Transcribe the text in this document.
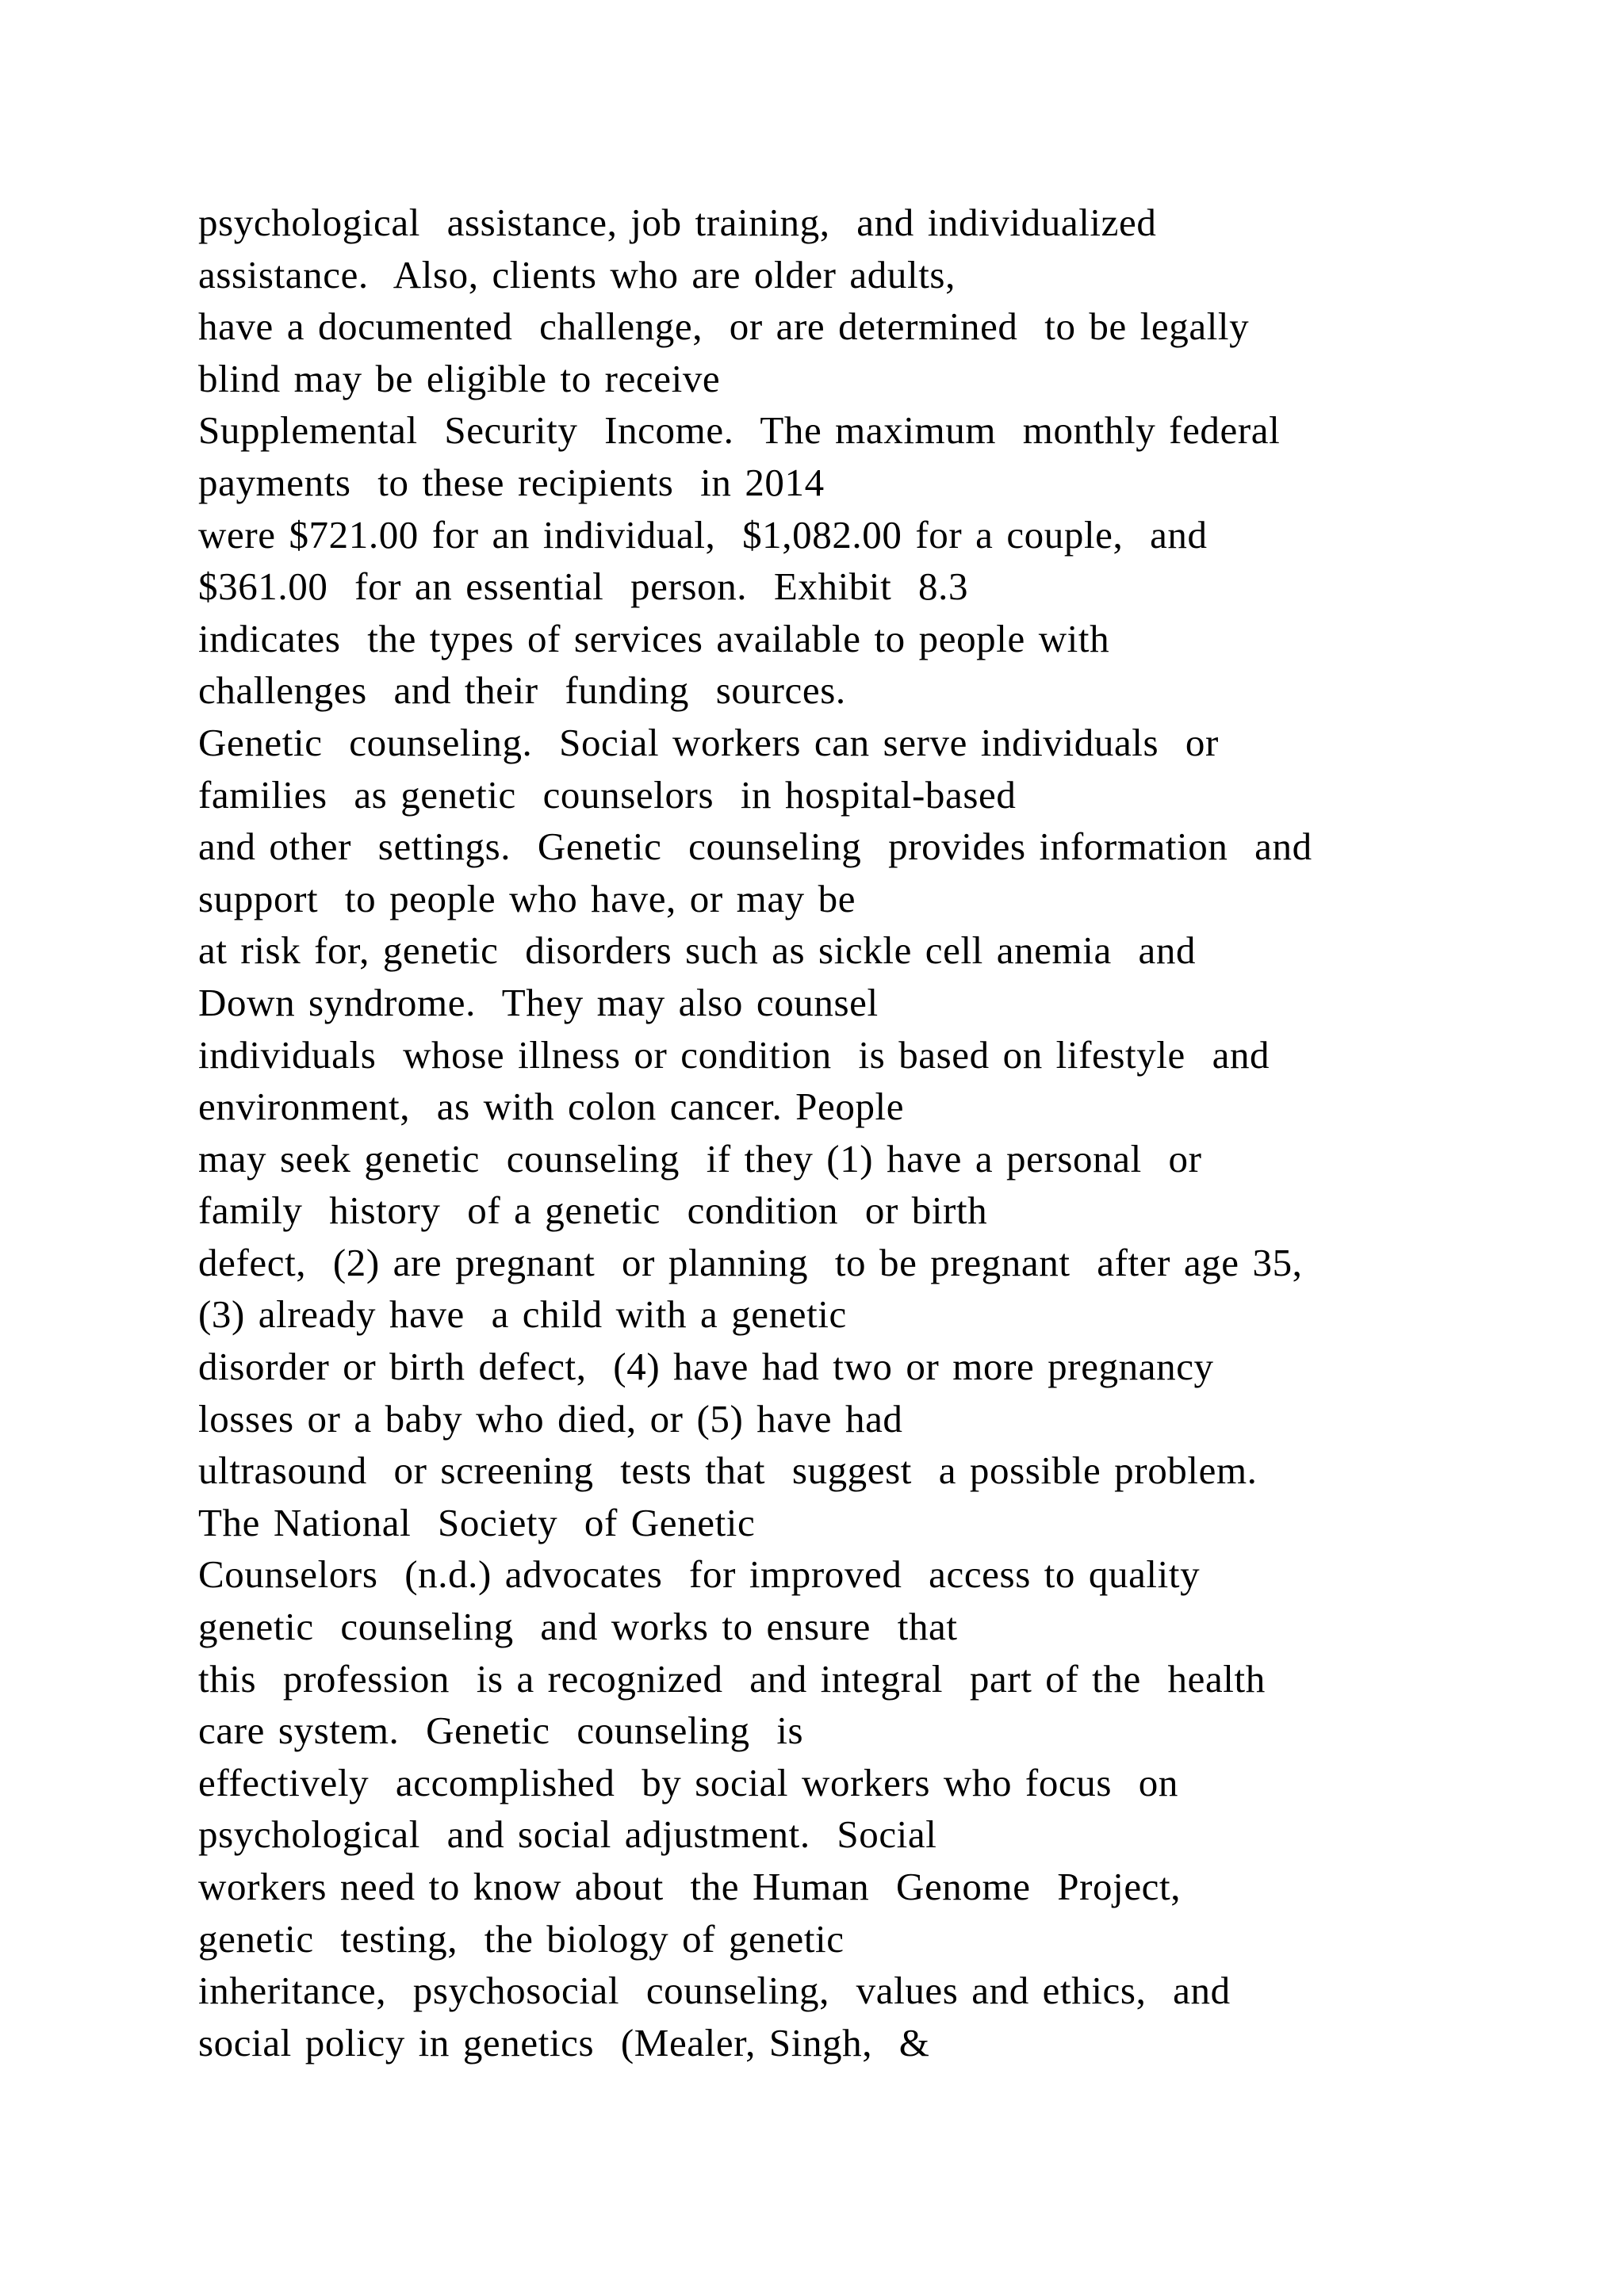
psychological  assistance, job training,  and individualized
assistance.  Also, clients who are older adults,
have a documented  challenge,  or are determined  to be legally
blind may be eligible to receive
Supplemental  Security  Income.  The maximum  monthly federal
payments  to these recipients  in 2014
were $721.00 for an individual,  $1,082.00 for a couple,  and
$361.00  for an essential  person.  Exhibit  8.3
indicates  the types of services available to people with
challenges  and their  funding  sources.
Genetic  counseling.  Social workers can serve individuals  or
families  as genetic  counselors  in hospital-based
and other  settings.  Genetic  counseling  provides information  and
support  to people who have, or may be
at risk for, genetic  disorders such as sickle cell anemia  and
Down syndrome.  They may also counsel
individuals  whose illness or condition  is based on lifestyle  and
environment,  as with colon cancer. People
may seek genetic  counseling  if they (1) have a personal  or
family  history  of a genetic  condition  or birth
defect,  (2) are pregnant  or planning  to be pregnant  after age 35,
(3) already have  a child with a genetic
disorder or birth defect,  (4) have had two or more pregnancy
losses or a baby who died, or (5) have had
ultrasound  or screening  tests that  suggest  a possible problem.
The National  Society  of Genetic
Counselors  (n.d.) advocates  for improved  access to quality
genetic  counseling  and works to ensure  that
this  profession  is a recognized  and integral  part of the  health
care system.  Genetic  counseling  is
effectively  accomplished  by social workers who focus  on
psychological  and social adjustment.  Social
workers need to know about  the Human  Genome  Project,
genetic  testing,  the biology of genetic
inheritance,  psychosocial  counseling,  values and ethics,  and
social policy in genetics  (Mealer, Singh,  &
